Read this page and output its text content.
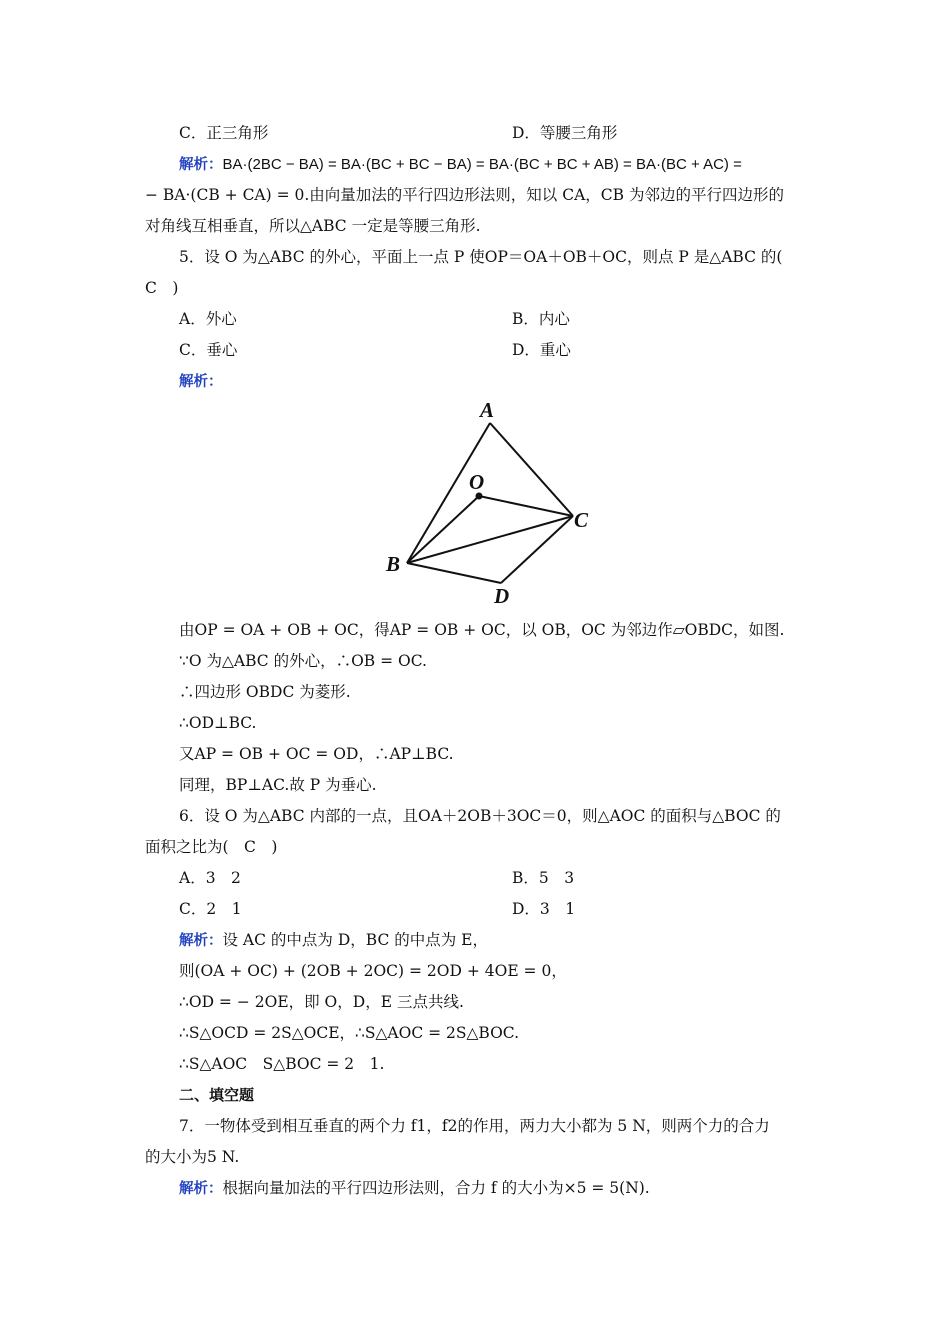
C．正三角形	D．等腰三角形
解析：BA·(2BC − BA) = BA·(BC + BC − BA) = BA·(BC + BC + AB) = BA·(BC + AC) =
− BA·(CB + CA) = 0.由向量加法的平行四边形法则，知以 CA，CB 为邻边的平行四边形的
对角线互相垂直，所以△ABC 一定是等腰三角形.
5．设 O 为△ABC 的外心，平面上一点 P 使OP＝OA＋OB＋OC，则点 P 是△ABC 的(
C　)
A．外心	B．内心
C．垂心	D．重心
解析：
A
O
C
B
D
由OP = OA + OB + OC，得AP = OB + OC，以 OB，OC 为邻边作▱OBDC，如图.
∵O 为△ABC 的外心，∴OB = OC.
∴四边形 OBDC 为菱形.
∴OD⊥BC.
又AP = OB + OC = OD，∴AP⊥BC.
同理，BP⊥AC.故 P 为垂心.
6．设 O 为△ABC 内部的一点，且OA＋2OB＋3OC＝0，则△AOC 的面积与△BOC 的
面积之比为(　C　)
A．3　2	B．5　3
C．2　1	D．3　1
解析：设 AC 的中点为 D，BC 的中点为 E，
则(OA + OC) + (2OB + 2OC) = 2OD + 4OE = 0，
∴OD = − 2OE，即 O，D，E 三点共线.
∴S△OCD = 2S△OCE，∴S△AOC = 2S△BOC.
∴S△AOC　S△BOC = 2　1.
二、填空题
7．一物体受到相互垂直的两个力 f1，f2的作用，两力大小都为 5 N，则两个力的合力
的大小为5 N.
解析：根据向量加法的平行四边形法则，合力 f 的大小为×5 = 5(N).
